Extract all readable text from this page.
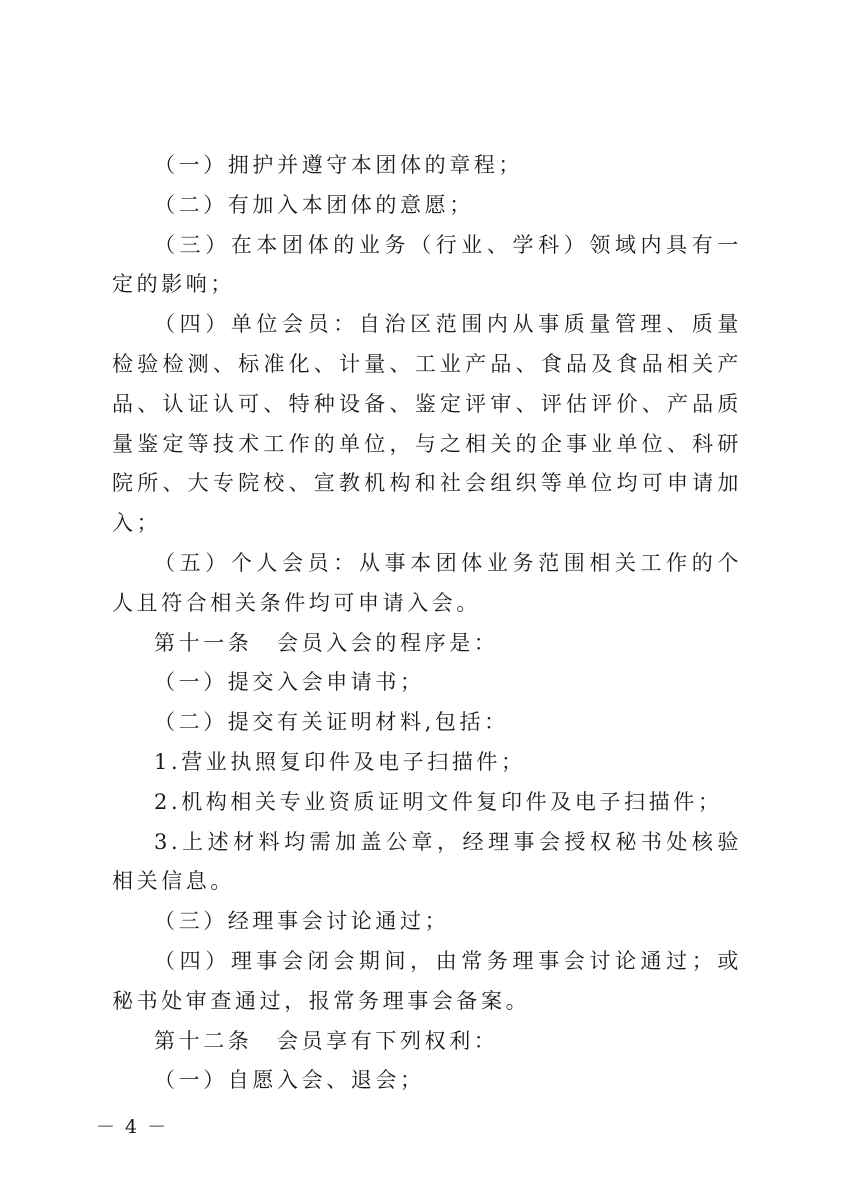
（一）拥护并遵守本团体的章程；

（二）有加入本团体的意愿；

（三）在本团体的业务（行业、学科）领域内具有一定的影响；

（四）单位会员：自治区范围内从事质量管理、质量检验检测、标准化、计量、工业产品、食品及食品相关产品、认证认可、特种设备、鉴定评审、评估评价、产品质量鉴定等技术工作的单位，与之相关的企事业单位、科研院所、大专院校、宣教机构和社会组织等单位均可申请加入；

（五）个人会员：从事本团体业务范围相关工作的个人且符合相关条件均可申请入会。

第十一条　会员入会的程序是：

（一）提交入会申请书；

（二）提交有关证明材料,包括：

1.营业执照复印件及电子扫描件；

2.机构相关专业资质证明文件复印件及电子扫描件；

3.上述材料均需加盖公章，经理事会授权秘书处核验相关信息。

（三）经理事会讨论通过；

（四）理事会闭会期间，由常务理事会讨论通过；或秘书处审查通过，报常务理事会备案。

第十二条　会员享有下列权利：

（一）自愿入会、退会；

－ 4 －
